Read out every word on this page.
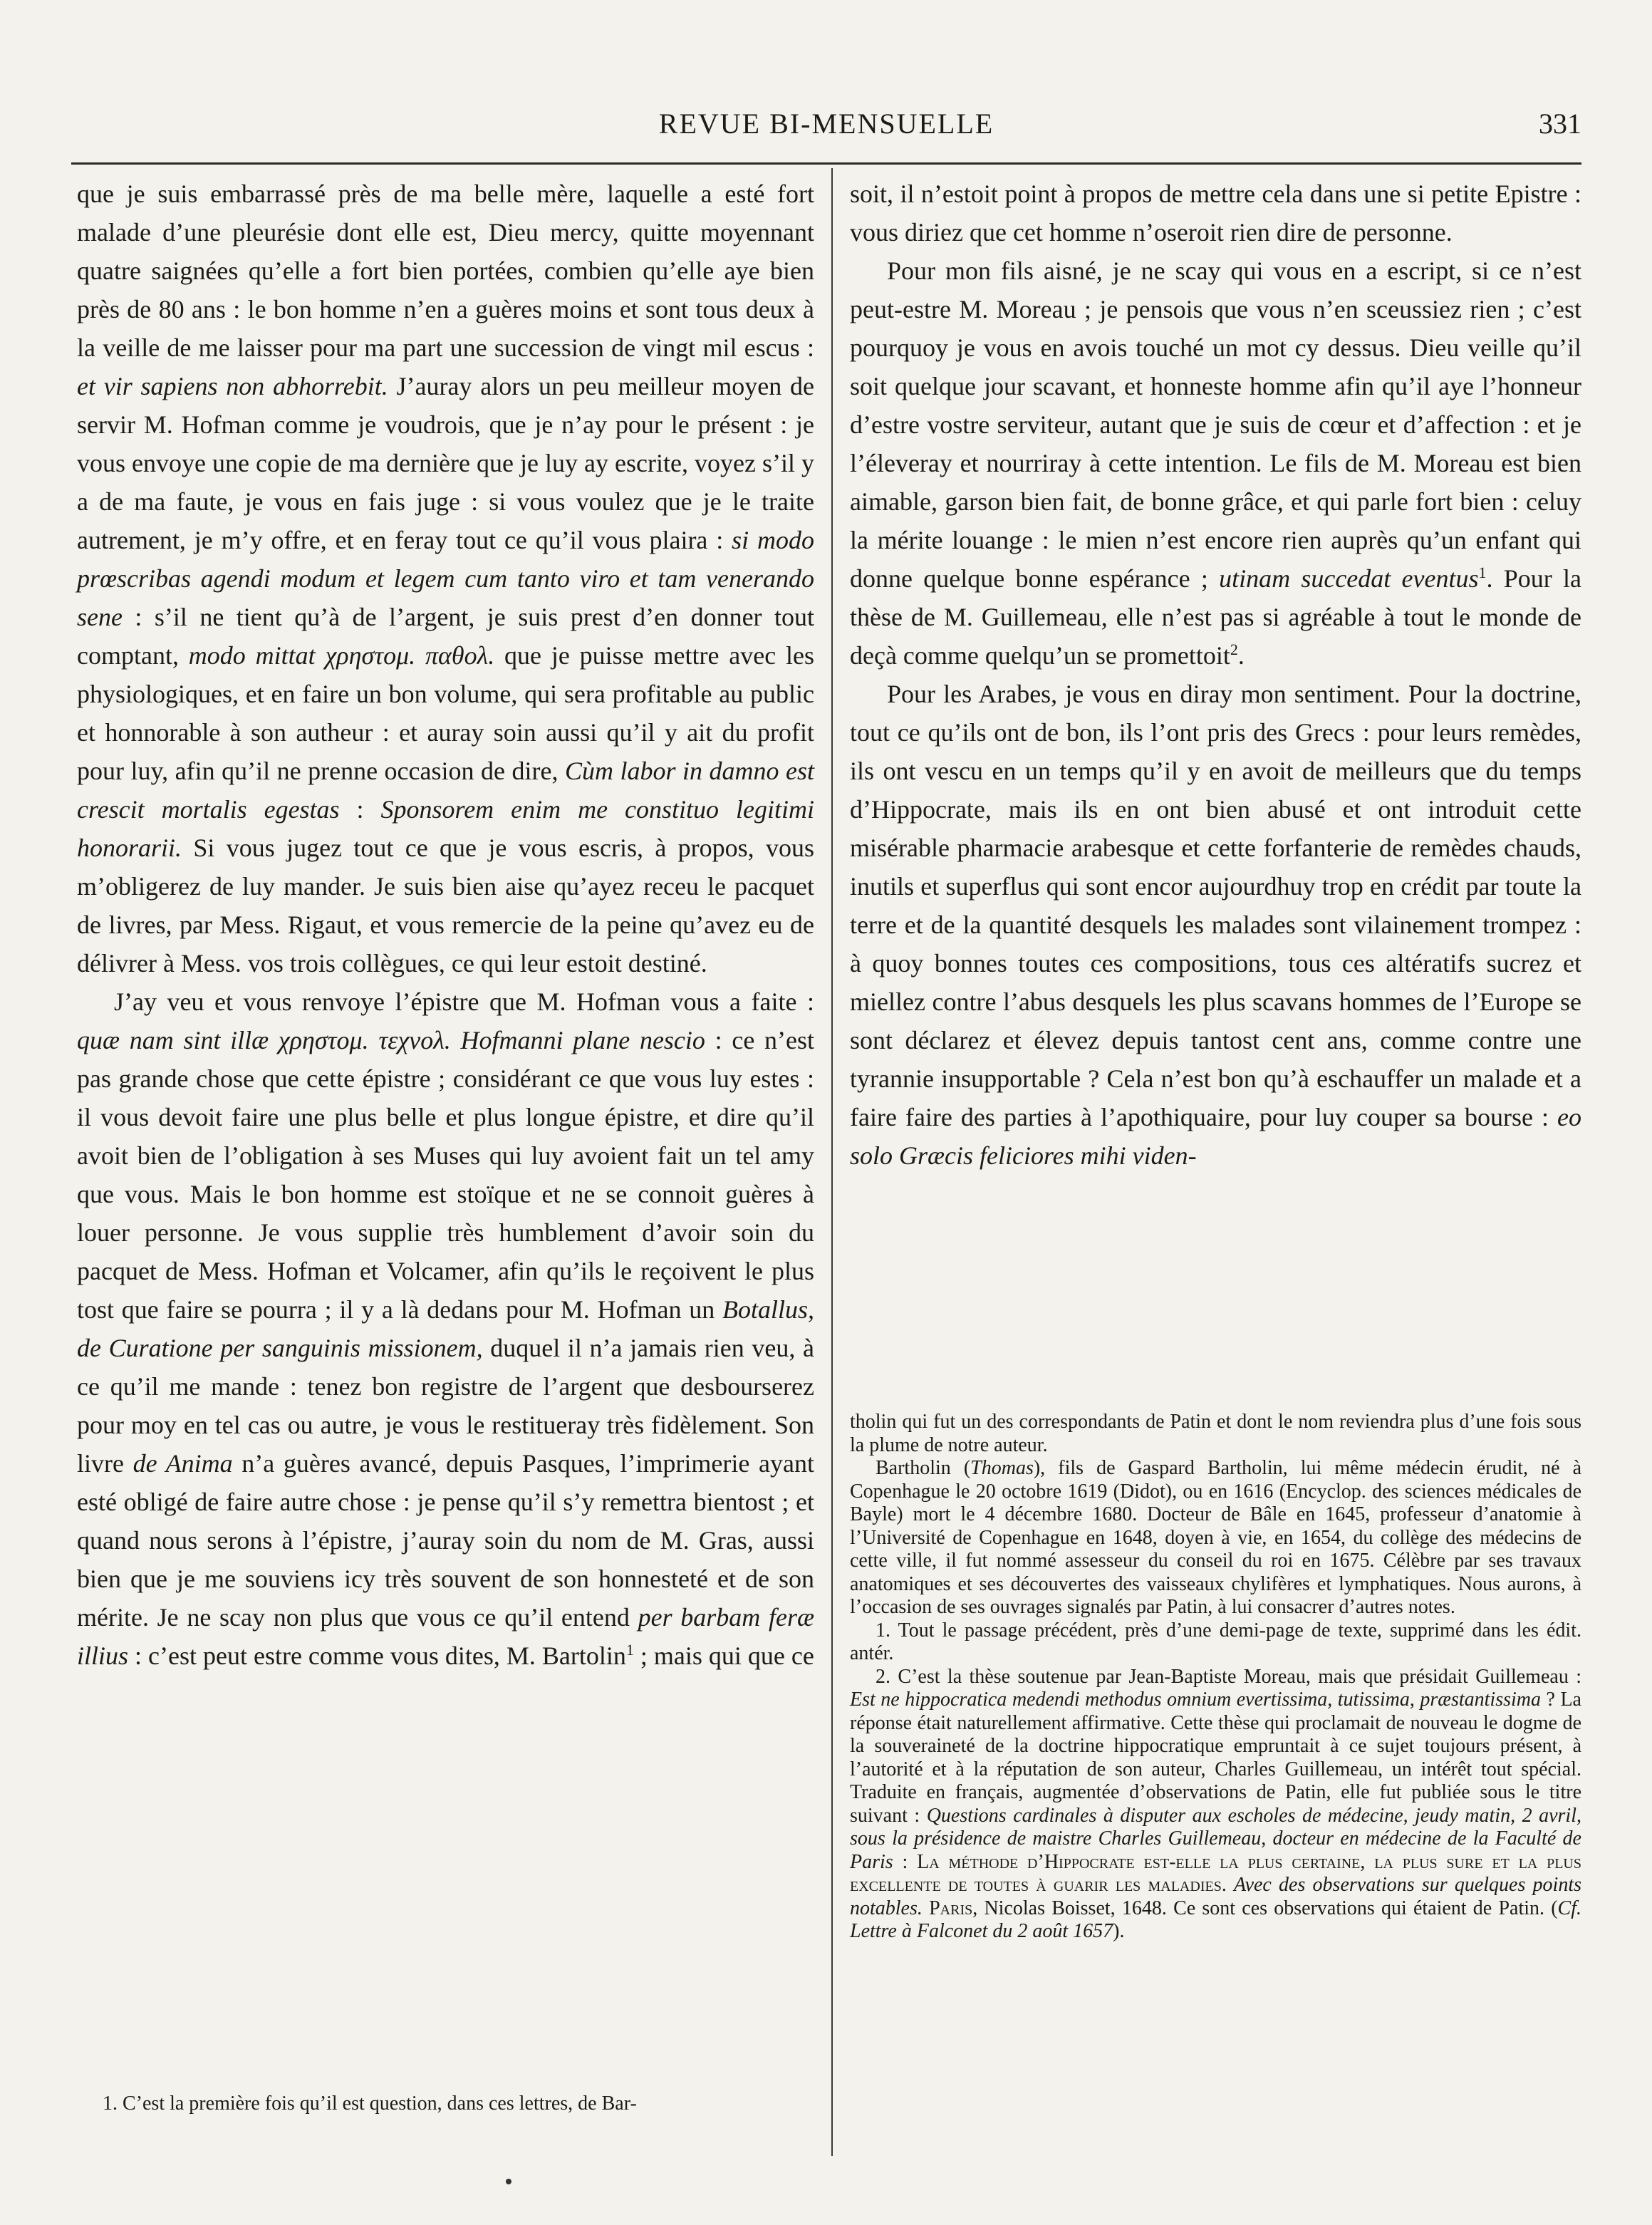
REVUE BI-MENSUELLE	331

que je suis embarrassé près de ma belle mère, laquelle a esté fort malade d’une pleurésie dont elle est, Dieu mercy, quitte moyennant quatre saignées qu’elle a fort bien portées, combien qu’elle aye bien près de 80 ans : le bon homme n’en a guères moins et sont tous deux à la veille de me laisser pour ma part une succession de vingt mil escus : et vir sapiens non abhorrebit. J’auray alors un peu meilleur moyen de servir M. Hofman comme je voudrois, que je n’ay pour le présent : je vous envoye une copie de ma dernière que je luy ay escrite, voyez s’il y a de ma faute, je vous en fais juge : si vous voulez que je le traite autrement, je m’y offre, et en feray tout ce qu’il vous plaira : si modo prœscribas agendi modum et legem cum tanto viro et tam venerando sene : s’il ne tient qu’à de l’argent, je suis prest d’en donner tout comptant, modo mittat χρηστομ. παθολ. que je puisse mettre avec les physiologiques, et en faire un bon volume, qui sera profitable au public et honnorable à son autheur : et auray soin aussi qu’il y ait du profit pour luy, afin qu’il ne prenne occasion de dire, Cùm labor in damno est crescit mortalis egestas : Sponsorem enim me constituo legitimi honorarii. Si vous jugez tout ce que je vous escris, à propos, vous m’obligerez de luy mander. Je suis bien aise qu’ayez receu le pacquet de livres, par Mess. Rigaut, et vous remercie de la peine qu’avez eu de délivrer à Mess. vos trois collègues, ce qui leur estoit destiné.

J’ay veu et vous renvoye l’épistre que M. Hofman vous a faite : quæ nam sint illæ χρηστομ. τεχνολ. Hofmanni plane nescio : ce n’est pas grande chose que cette épistre ; considérant ce que vous luy estes : il vous devoit faire une plus belle et plus longue épistre, et dire qu’il avoit bien de l’obligation à ses Muses qui luy avoient fait un tel amy que vous. Mais le bon homme est stoïque et ne se connoit guères à louer personne. Je vous supplie très humblement d’avoir soin du pacquet de Mess. Hofman et Volcamer, afin qu’ils le reçoivent le plus tost que faire se pourra ; il y a là dedans pour M. Hofman un Botallus, de Curatione per sanguinis missionem, duquel il n’a jamais rien veu, à ce qu’il me mande : tenez bon registre de l’argent que desbourserez pour moy en tel cas ou autre, je vous le restitueray très fidèlement. Son livre de Anima n’a guères avancé, depuis Pasques, l’imprimerie ayant esté obligé de faire autre chose : je pense qu’il s’y remettra bientost ; et quand nous serons à l’épistre, j’auray soin du nom de M. Gras, aussi bien que je me souviens icy très souvent de son honnesteté et de son mérite. Je ne scay non plus que vous ce qu’il entend per barbam feræ illius : c’est peut estre comme vous dites, M. Bartolin$^1$ ; mais qui que ce

1. C’est la première fois qu’il est question, dans ces lettres, de Bar-

soit, il n’estoit point à propos de mettre cela dans une si petite Epistre : vous diriez que cet homme n’oseroit rien dire de personne.

Pour mon fils aisné, je ne scay qui vous en a escript, si ce n’est peut-estre M. Moreau ; je pensois que vous n’en sceussiez rien ; c’est pourquoy je vous en avois touché un mot cy dessus. Dieu veille qu’il soit quelque jour scavant, et honneste homme afin qu’il aye l’honneur d’estre vostre serviteur, autant que je suis de cœur et d’affection : et je l’éleveray et nourriray à cette intention. Le fils de M. Moreau est bien aimable, garson bien fait, de bonne grâce, et qui parle fort bien : celuy la mérite louange : le mien n’est encore rien auprès qu’un enfant qui donne quelque bonne espérance ; utinam succedat eventus$^1$. Pour la thèse de M. Guillemeau, elle n’est pas si agréable à tout le monde de deçà comme quelqu’un se promettoit$^2$.

Pour les Arabes, je vous en diray mon sentiment. Pour la doctrine, tout ce qu’ils ont de bon, ils l’ont pris des Grecs : pour leurs remèdes, ils ont vescu en un temps qu’il y en avoit de meilleurs que du temps d’Hippocrate, mais ils en ont bien abusé et ont introduit cette misérable pharmacie arabesque et cette forfanterie de remèdes chauds, inutils et superflus qui sont encor aujourdhuy trop en crédit par toute la terre et de la quantité desquels les malades sont vilainement trompez : à quoy bonnes toutes ces compositions, tous ces altératifs sucrez et miellez contre l’abus desquels les plus scavans hommes de l’Europe se sont déclarez et élevez depuis tantost cent ans, comme contre une tyrannie insupportable ? Cela n’est bon qu’à eschauffer un malade et a faire faire des parties à l’apothiquaire, pour luy couper sa bourse : eo solo Græcis feliciores mihi viden-

tholin qui fut un des correspondants de Patin et dont le nom reviendra plus d’une fois sous la plume de notre auteur.

Bartholin (Thomas), fils de Gaspard Bartholin, lui même médecin érudit, né à Copenhague le 20 octobre 1619 (Didot), ou en 1616 (Encyclop. des sciences médicales de Bayle) mort le 4 décembre 1680. Docteur de Bâle en 1645, professeur d’anatomie à l’Université de Copenhague en 1648, doyen à vie, en 1654, du collège des médecins de cette ville, il fut nommé assesseur du conseil du roi en 1675. Célèbre par ses travaux anatomiques et ses découvertes des vaisseaux chylifères et lymphatiques. Nous aurons, à l’occasion de ses ouvrages signalés par Patin, à lui consacrer d’autres notes.

1. Tout le passage précédent, près d’une demi-page de texte, supprimé dans les édit. antér.

2. C’est la thèse soutenue par Jean-Baptiste Moreau, mais que présidait Guillemeau : Est ne hippocratica medendi methodus omnium evertissima, tutissima, præstantissima ? La réponse était naturellement affirmative. Cette thèse qui proclamait de nouveau le dogme de la souveraineté de la doctrine hippocratique empruntait à ce sujet toujours présent, à l’autorité et à la réputation de son auteur, Charles Guillemeau, un intérêt tout spécial. Traduite en français, augmentée d’observations de Patin, elle fut publiée sous le titre suivant : Questions cardinales à disputer aux escholes de médecine, jeudy matin, 2 avril, sous la présidence de maistre Charles Guillemeau, docteur en médecine de la Faculté de Paris : La méthode d’Hippocrate est-elle la plus certaine, la plus sure et la plus excellente de toutes à guarir les maladies. Avec des observations sur quelques points notables. Paris, Nicolas Boisset, 1648. Ce sont ces observations qui étaient de Patin. (Cf. Lettre à Falconet du 2 août 1657).
